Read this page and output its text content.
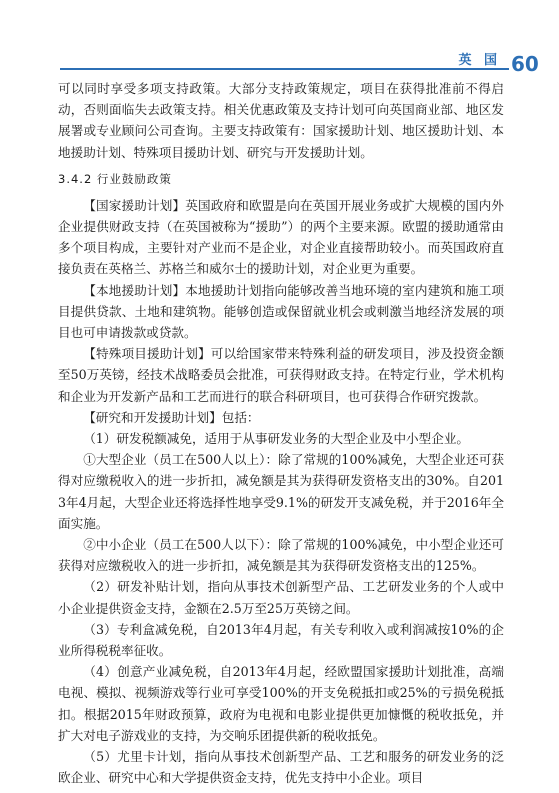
英 国 60

可以同时享受多项支持政策。大部分支持政策规定，项目在获得批准前不得启动，否则面临失去政策支持。相关优惠政策及支持计划可向英国商业部、地区发展署或专业顾问公司查询。主要支持政策有：国家援助计划、地区援助计划、本地援助计划、特殊项目援助计划、研究与开发援助计划。

3.4.2 行业鼓励政策

【国家援助计划】英国政府和欧盟是向在英国开展业务或扩大规模的国内外企业提供财政支持（在英国被称为“援助”）的两个主要来源。欧盟的援助通常由多个项目构成，主要针对产业而不是企业，对企业直接帮助较小。而英国政府直接负责在英格兰、苏格兰和威尔士的援助计划，对企业更为重要。

【本地援助计划】本地援助计划指向能够改善当地环境的室内建筑和施工项目提供贷款、土地和建筑物。能够创造或保留就业机会或刺激当地经济发展的项目也可申请拨款或贷款。

【特殊项目援助计划】可以给国家带来特殊利益的研发项目，涉及投资金额至50万英镑，经技术战略委员会批准，可获得财政支持。在特定行业，学术机构和企业为开发新产品和工艺而进行的联合科研项目，也可获得合作研究拨款。

【研究和开发援助计划】包括：

（1）研发税额减免，适用于从事研发业务的大型企业及中小型企业。

①大型企业（员工在500人以上）：除了常规的100%减免，大型企业还可获得对应缴税收入的进一步折扣，减免额是其为获得研发资格支出的30%。自2013年4月起，大型企业还将选择性地享受9.1%的研发开支减免税，并于2016年全面实施。

②中小企业（员工在500人以下）：除了常规的100%减免，中小型企业还可获得对应缴税收入的进一步折扣，减免额是其为获得研发资格支出的125%。

（2）研发补贴计划，指向从事技术创新型产品、工艺研发业务的个人或中小企业提供资金支持，金额在2.5万至25万英镑之间。

（3）专利盒减免税，自2013年4月起，有关专利收入或利润减按10%的企业所得税税率征收。

（4）创意产业减免税，自2013年4月起，经欧盟国家援助计划批准，高端电视、模拟、视频游戏等行业可享受100%的开支免税抵扣或25%的亏损免税抵扣。根据2015年财政预算，政府为电视和电影业提供更加慷慨的税收抵免，并扩大对电子游戏业的支持，为交响乐团提供新的税收抵免。

（5）尤里卡计划，指向从事技术创新型产品、工艺和服务的研发业务的泛欧企业、研究中心和大学提供资金支持，优先支持中小企业。项目
